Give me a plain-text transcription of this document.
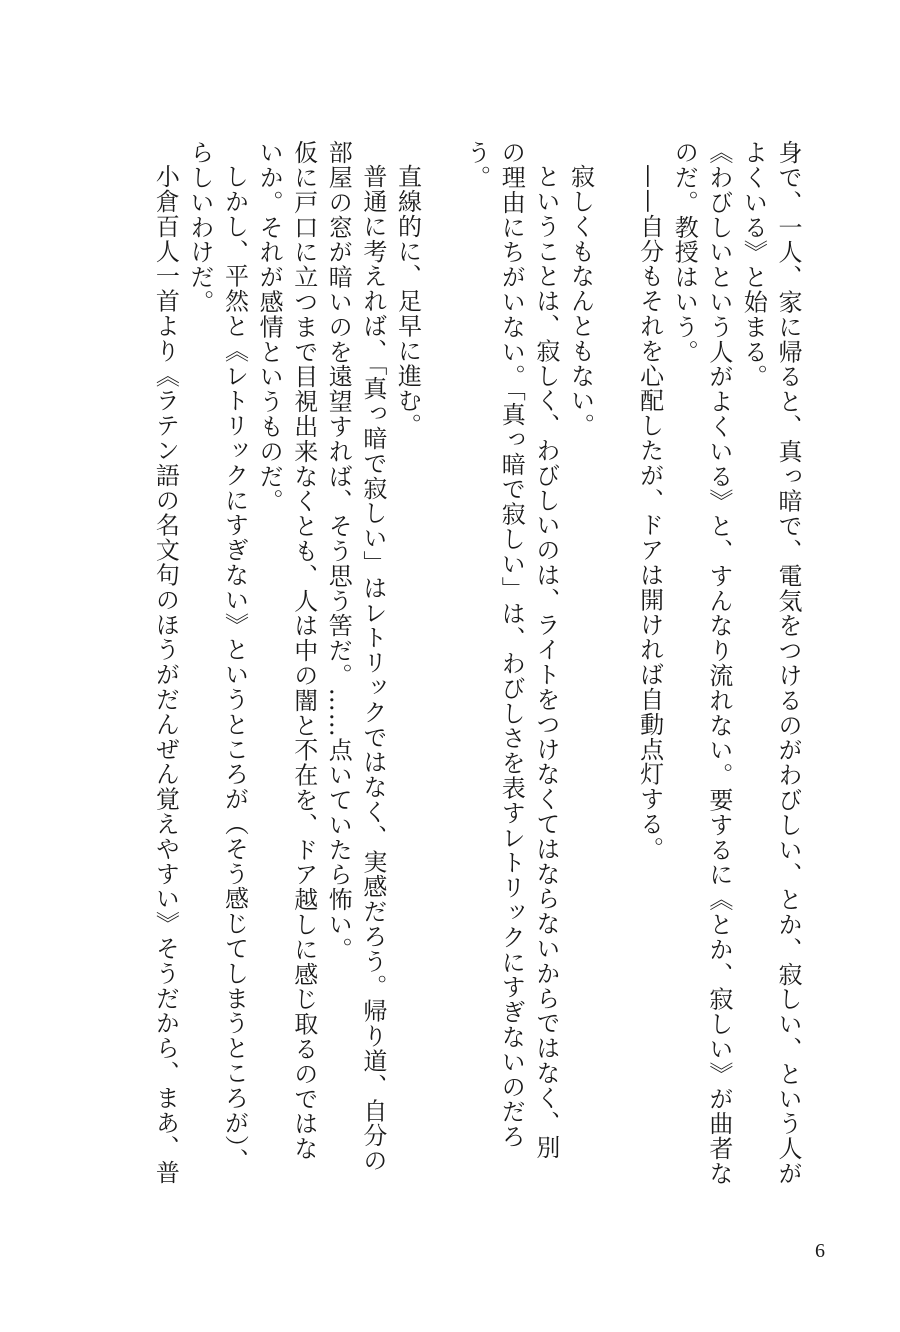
身で、一人、家に帰ると、真っ暗で、電気をつけるのがわびしい、とか、寂しい、という人が
よくいる》と始まる。
《わびしいという人がよくいる》と、すんなり流れない。要するに《とか、寂しい》が曲者な
のだ。教授はいう。
——自分もそれを心配したが、ドアは開ければ自動点灯する。
寂しくもなんともない。
ということは、寂しく、わびしいのは、ライトをつけなくてはならないからではなく、別
の理由にちがいない。「真っ暗で寂しい」は、わびしさを表すレトリックにすぎないのだろ
う。
直線的に、足早に進む。
普通に考えれば、「真っ暗で寂しい」はレトリックではなく、実感だろう。帰り道、自分の
部屋の窓が暗いのを遠望すれば、そう思う筈だ。……点いていたら怖い。
仮に戸口に立つまで目視出来なくとも、人は中の闇と不在を、ドア越しに感じ取るのではな
いか。それが感情というものだ。
しかし、平然と《レトリックにすぎない》というところが（そう感じてしまうところが）、
らしいわけだ。
小倉百人一首より《ラテン語の名文句のほうがだんぜん覚えやすい》そうだから、まあ、普
6
